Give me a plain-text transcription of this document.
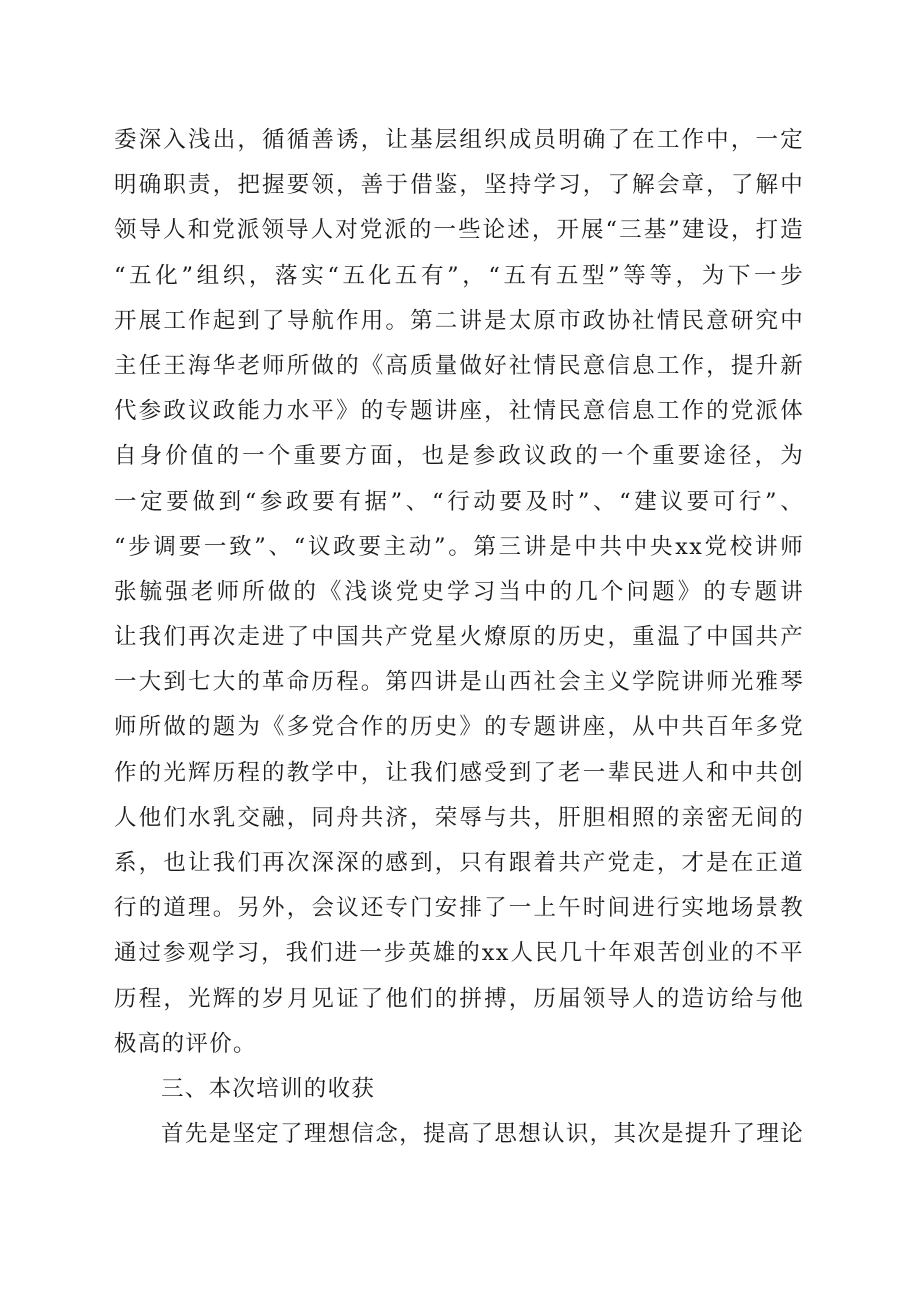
委深入浅出，循循善诱，让基层组织成员明确了在工作中，一定
明确职责，把握要领，善于借鉴，坚持学习，了解会章，了解中
领导人和党派领导人对党派的一些论述，开展“三基”建设，打造
“五化”组织，落实“五化五有”，“五有五型”等等，为下一步
开展工作起到了导航作用。第二讲是太原市政协社情民意研究中
主任王海华老师所做的《高质量做好社情民意信息工作，提升新
代参政议政能力水平》的专题讲座，社情民意信息工作的党派体
自身价值的一个重要方面，也是参政议政的一个重要途径，为
一定要做到“参政要有据”、“行动要及时”、“建议要可行”、
“步调要一致”、“议政要主动”。第三讲是中共中央xx党校讲师
张毓强老师所做的《浅谈党史学习当中的几个问题》的专题讲
让我们再次走进了中国共产党星火燎原的历史，重温了中国共产
一大到七大的革命历程。第四讲是山西社会主义学院讲师光雅琴
师所做的题为《多党合作的历史》的专题讲座，从中共百年多党
作的光辉历程的教学中，让我们感受到了老一辈民进人和中共创
人他们水乳交融，同舟共济，荣辱与共，肝胆相照的亲密无间的
系，也让我们再次深深的感到，只有跟着共产党走，才是在正道
行的道理。另外，会议还专门安排了一上午时间进行实地场景教
通过参观学习，我们进一步英雄的xx人民几十年艰苦创业的不平
历程，光辉的岁月见证了他们的拼搏，历届领导人的造访给与他
极高的评价。
三、本次培训的收获
首先是坚定了理想信念，提高了思想认识，其次是提升了理论
